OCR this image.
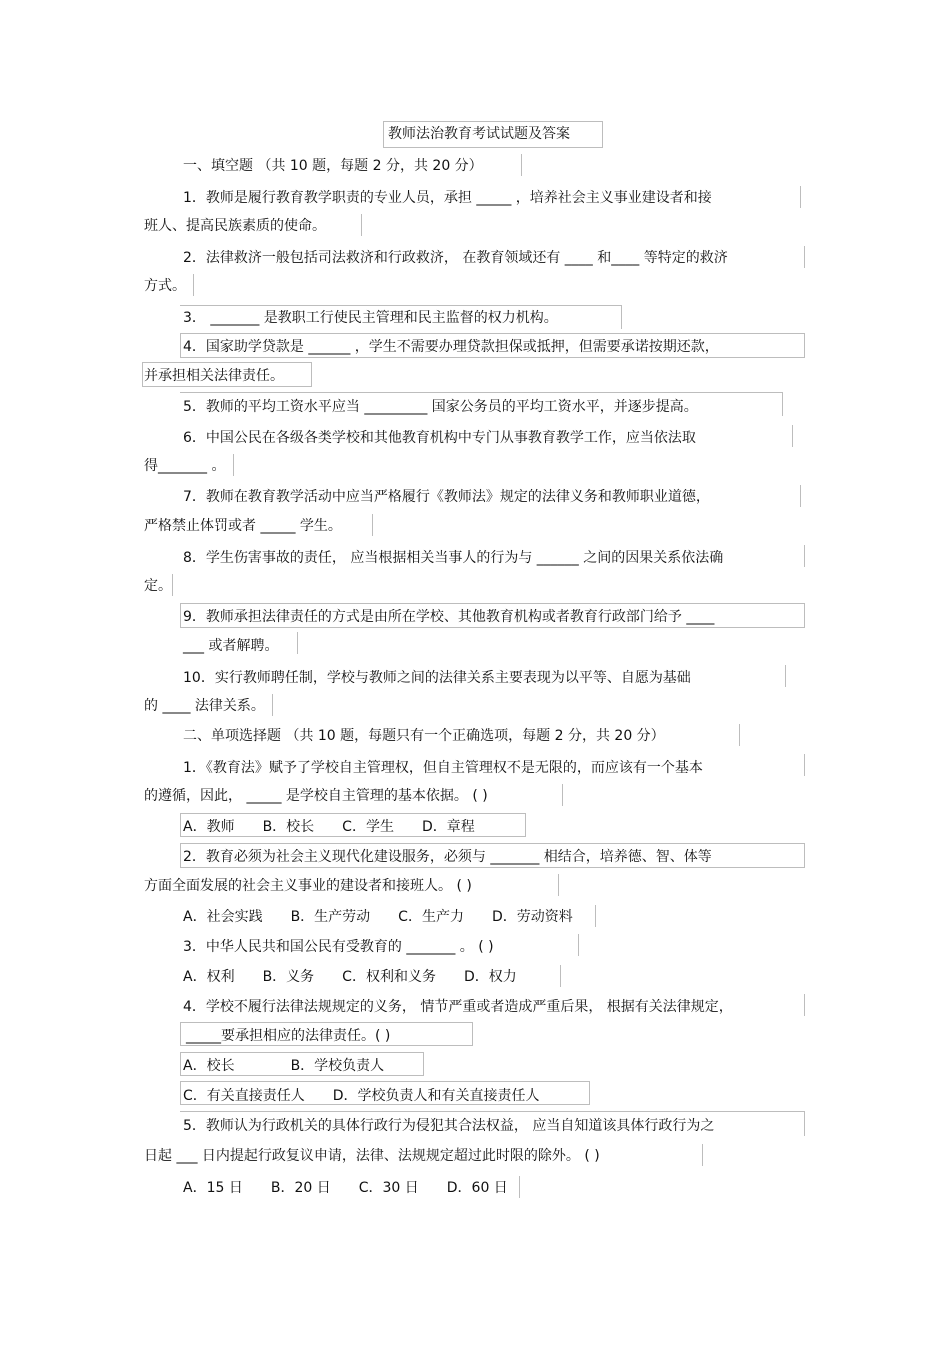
教师法治教育考试试题及答案
一、填空题 （共 10 题，每题 2 分，共 20 分）
1．教师是履行教育教学职责的专业人员，承担 _____ ，培养社会主义事业建设者和接
班人、提高民族素质的使命。
2．法律救济一般包括司法救济和行政救济， 在教育领域还有 ____ 和____ 等特定的救济
方式。
3． _______ 是教职工行使民主管理和民主监督的权力机构。
4．国家助学贷款是 ______ ，学生不需要办理贷款担保或抵押，但需要承诺按期还款，
并承担相关法律责任。
5．教师的平均工资水平应当 _________ 国家公务员的平均工资水平，并逐步提高。
6．中国公民在各级各类学校和其他教育机构中专门从事教育教学工作，应当依法取
得_______ 。
7．教师在教育教学活动中应当严格履行《教师法》规定的法律义务和教师职业道德，
严格禁止体罚或者 _____ 学生。
8．学生伤害事故的责任， 应当根据相关当事人的行为与 ______ 之间的因果关系依法确
定。
9．教师承担法律责任的方式是由所在学校、其他教育机构或者教育行政部门给予 ____
___ 或者解聘。
10．实行教师聘任制，学校与教师之间的法律关系主要表现为以平等、自愿为基础
的 ____ 法律关系。
二、单项选择题 （共 10 题，每题只有一个正确选项，每题 2 分，共 20 分）
1．《教育法》赋予了学校自主管理权，但自主管理权不是无限的，而应该有一个基本
的遵循，因此， _____ 是学校自主管理的基本依据。 ( )
A．教师　　B．校长　　C．学生　　D．章程
2．教育必须为社会主义现代化建设服务，必须与 _______ 相结合，培养德、智、体等
方面全面发展的社会主义事业的建设者和接班人。 ( )
A．社会实践　　B．生产劳动　　C．生产力　　D．劳动资料
3．中华人民共和国公民有受教育的 _______ 。 ( )
A．权利　　B．义务　　C．权利和义务　　D．权力
4．学校不履行法律法规规定的义务， 情节严重或者造成严重后果， 根据有关法律规定，
_____要承担相应的法律责任。( )
A．校长　　　　B．学校负责人
C．有关直接责任人　　D．学校负责人和有关直接责任人
5．教师认为行政机关的具体行政行为侵犯其合法权益， 应当自知道该具体行政行为之
日起 ___ 日内提起行政复议申请，法律、法规规定超过此时限的除外。 ( )
A．15 日　　B．20 日　　C．30 日　　D．60 日
